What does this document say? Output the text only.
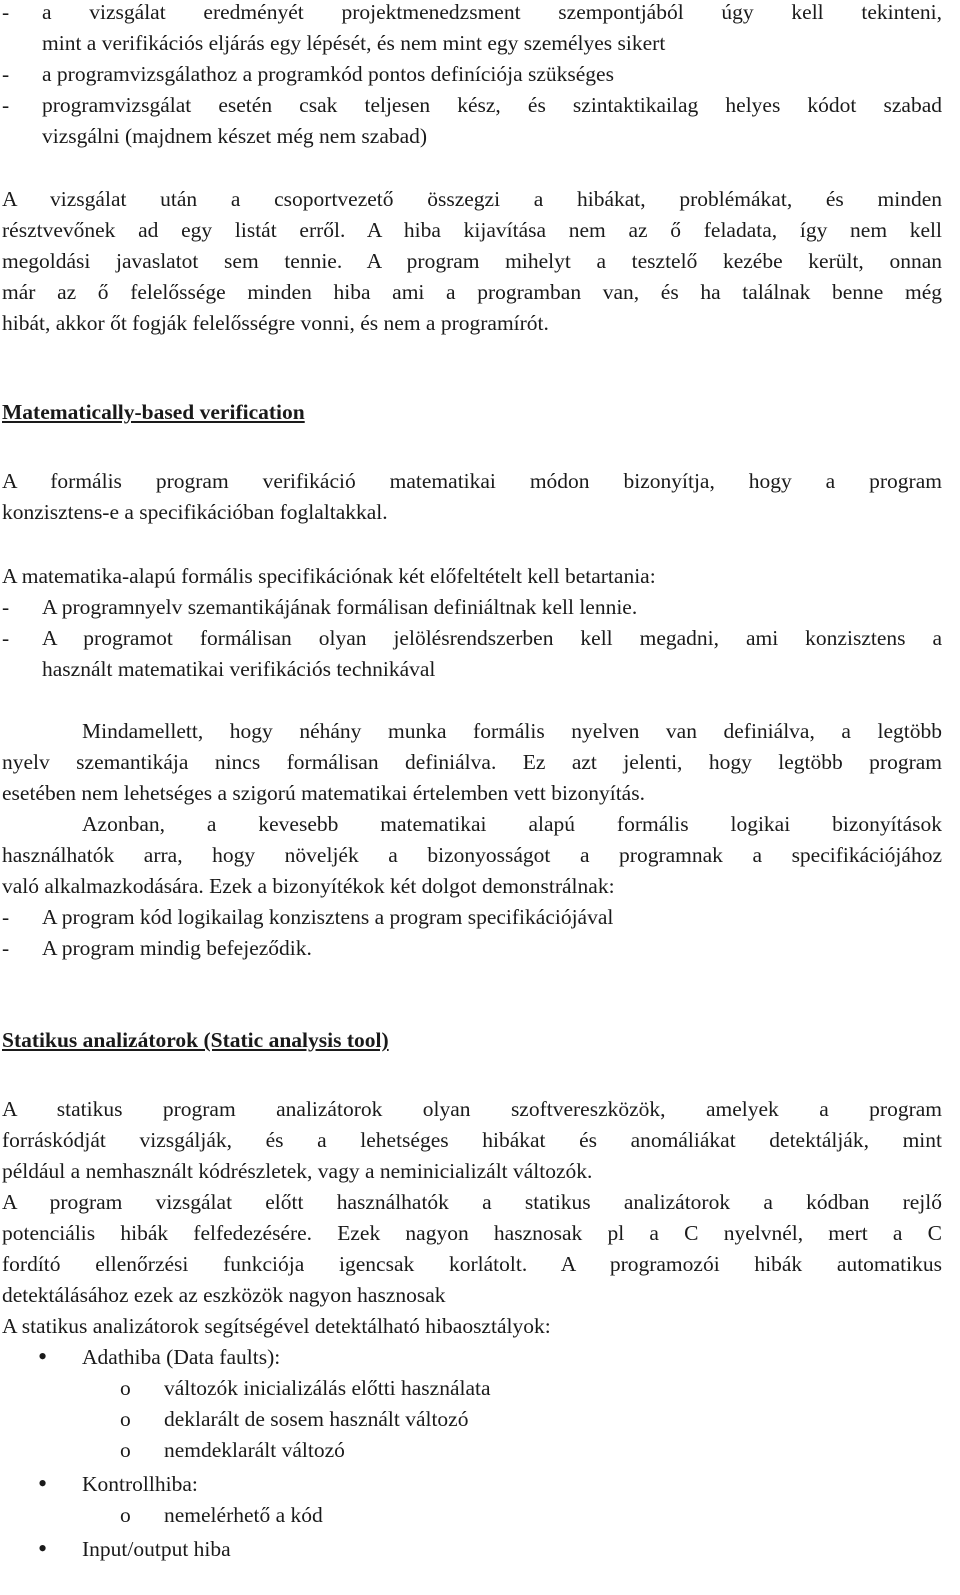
-	a vizsgálat eredményét projektmenedzsment szempontjából úgy kell tekinteni,
mint a verifikációs eljárás egy lépését, és nem mint egy személyes sikert
-	a programvizsgálathoz a programkód pontos definíciója szükséges
-	programvizsgálat esetén csak teljesen kész, és szintaktikailag helyes kódot szabad
vizsgálni (majdnem készet még nem szabad)
A vizsgálat után a csoportvezető összegzi a hibákat, problémákat, és minden
résztvevőnek ad egy listát erről. A hiba kijavítása nem az ő feladata, így nem kell
megoldási javaslatot sem tennie. A program mihelyt a tesztelő kezébe került, onnan
már az ő felelőssége minden hiba ami a programban van, és ha találnak benne még
hibát, akkor őt fogják felelősségre vonni, és nem a programírót.
Matematically-based verification
A formális program verifikáció matematikai módon bizonyítja, hogy a program
konzisztens-e a specifikációban foglaltakkal.
A matematika-alapú formális specifikációnak két előfeltételt kell betartania:
-	A programnyelv szemantikájának formálisan definiáltnak kell lennie.
-	A programot formálisan olyan jelölésrendszerben kell megadni, ami konzisztens a
használt matematikai verifikációs technikával
Mindamellett, hogy néhány munka formális nyelven van definiálva, a legtöbb
nyelv szemantikája nincs formálisan definiálva. Ez azt jelenti, hogy legtöbb program
esetében nem lehetséges a szigorú matematikai értelemben vett bizonyítás.
Azonban, a kevesebb matematikai alapú formális logikai bizonyítások
használhatók arra, hogy növeljék a bizonyosságot a programnak a specifikációjához
való alkalmazkodására. Ezek a bizonyítékok két dolgot demonstrálnak:
-	A program kód logikailag konzisztens a program specifikációjával
-	A program mindig befejeződik.
Statikus analizátorok (Static analysis tool)
A statikus program analizátorok olyan szoftvereszközök, amelyek a program
forráskódját vizsgálják, és a lehetséges hibákat és anomáliákat detektálják, mint
például a nemhasznált kódrészletek, vagy a neminicializált változók.
A program vizsgálat előtt használhatók a statikus analizátorok a kódban rejlő
potenciális hibák felfedezésére. Ezek nagyon hasznosak pl a C nyelvnél, mert a C
fordító ellenőrzési funkciója igencsak korlátolt. A programozói hibák automatikus
detektálásához ezek az eszközök nagyon hasznosak
A statikus analizátorok segítségével detektálható hibaosztályok:
• Adathiba (Data faults):
o	változók inicializálás előtti használata
o	deklarált de sosem használt változó
o	nemdeklarált változó
• Kontrollhiba:
o	nemelérhető a kód
• Input/output hiba
